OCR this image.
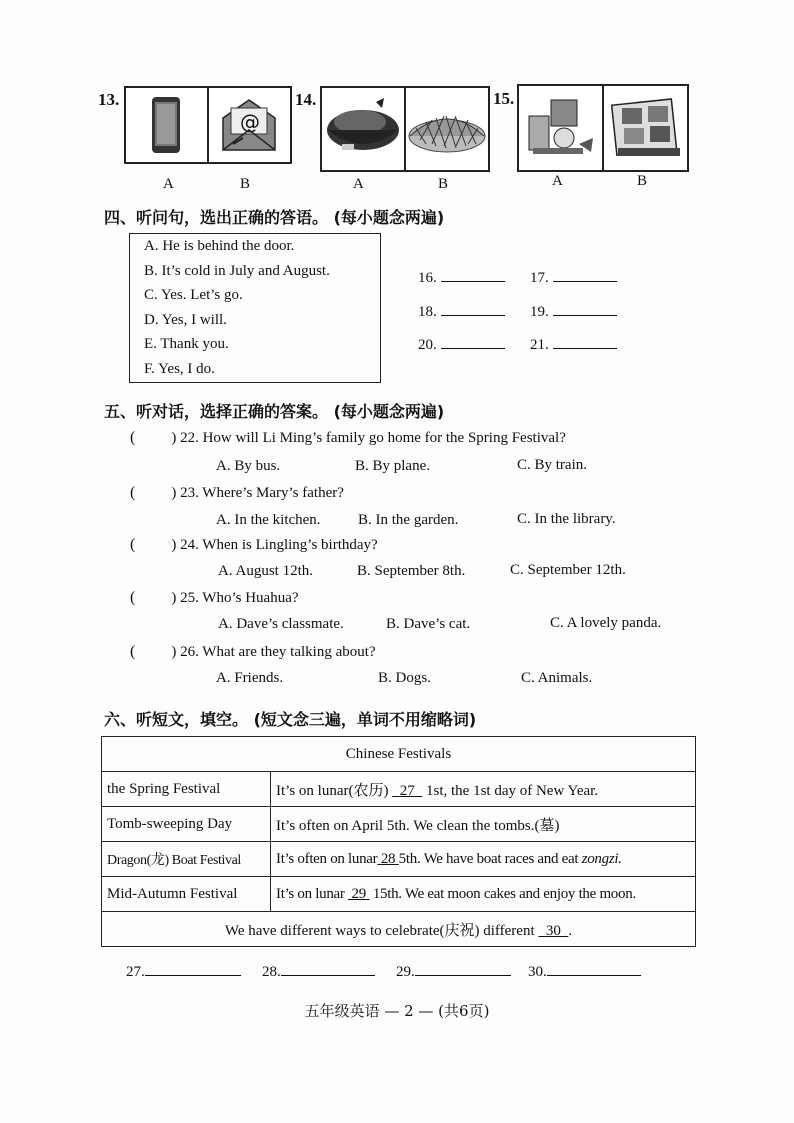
13.
@
A	B
14.
A	B
15.
A	B
四、听问句，选出正确的答语。 (每小题念两遍)
A. He is behind the door.
B. It’s cold in July and August.
C. Yes. Let’s go.
D. Yes, I will.
E. Thank you.
F. Yes, I do.
16.	17.
18.	19.
20.	21.
五、听对话，选择正确的答案。 (每小题念两遍)
( ) 22. How will Li Ming’s family go home for the Spring Festival?
A. By bus.	B. By plane.	C. By train.
( ) 23. Where’s Mary’s father?
A. In the kitchen. B. In the garden.	C. In the library.
( ) 24. When is Lingling’s birthday?
A. August 12th.	B. September 8th.	C. September 12th.
( ) 25. Who’s Huahua?
A. Dave’s classmate.	B. Dave’s cat.	C. A lovely panda.
( ) 26. What are they talking about?
A. Friends.	B. Dogs.	C. Animals.
六、听短文，填空。 (短文念三遍，单词不用缩略词)
Chinese Festivals	
the Spring Festival	It’s on lunar(农历) 27 1st, the 1st day of New Year.
Tomb-sweeping Day	It’s often on April 5th. We clean the tombs.(墓)
Dragon(龙) Boat Festival	It’s often on lunar 28 5th. We have boat races and eat zongzi.
Mid-Autumn Festival	It’s on lunar 29 15th. We eat moon cakes and enjoy the moon.
We have different ways to celebrate(庆祝) different 30 .	
27.	28.	29.	30.
五年级英语 — 2 — (共6页)
